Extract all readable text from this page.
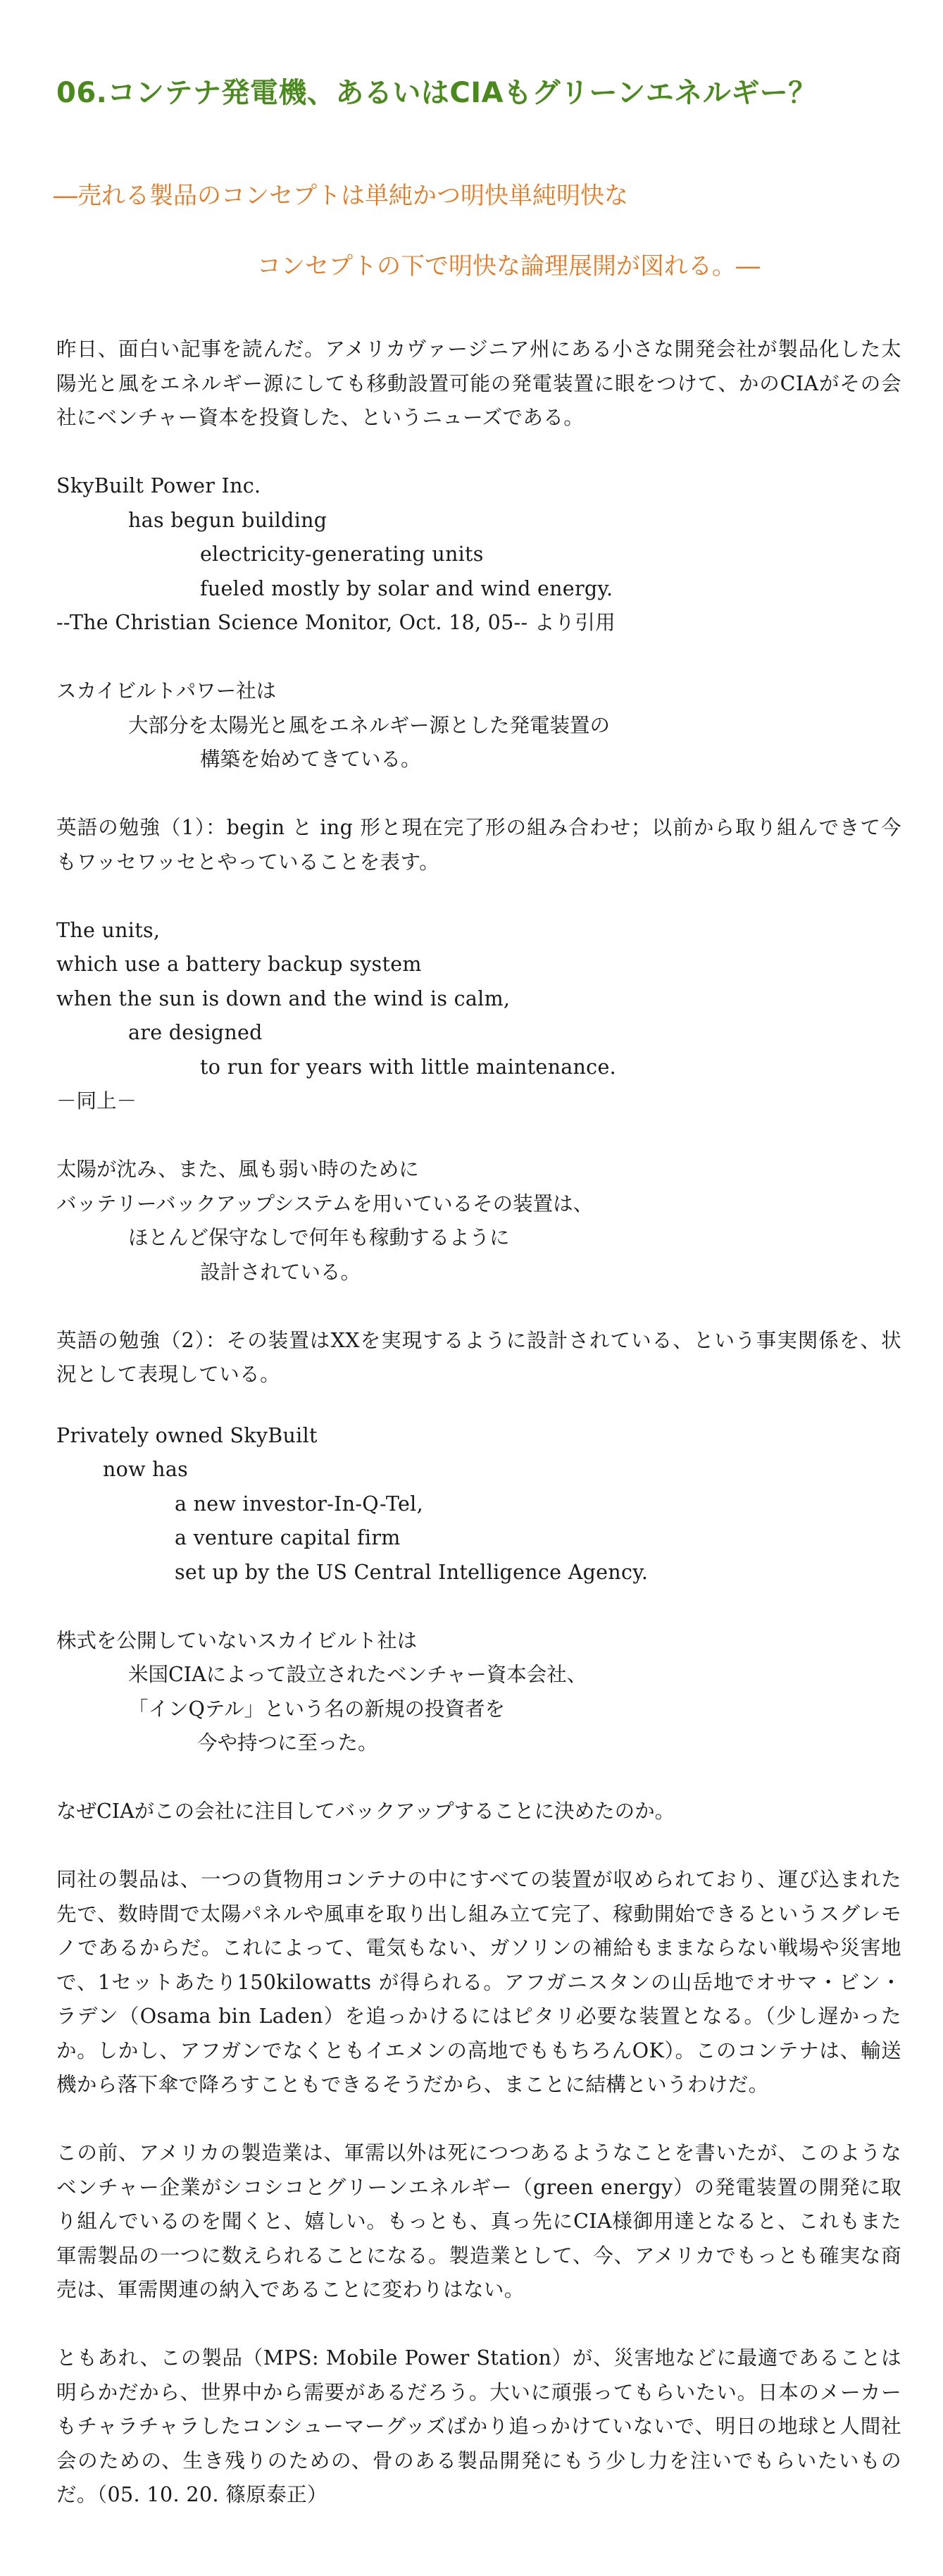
06.コンテナ発電機、あるいはCIAもグリーンエネルギー？
―売れる製品のコンセプトは単純かつ明快単純明快な
コンセプトの下で明快な論理展開が図れる。―

昨日、面白い記事を読んだ。アメリカヴァージニア州にある小さな開発会社が製品化した太陽光と風をエネルギー源にしても移動設置可能の発電装置に眼をつけて、かのCIAがその会社にベンチャー資本を投資した、というニューズである。

SkyBuilt Power Inc.

has begun building

electricity-generating units

fueled mostly by solar and wind energy.

--The Christian Science Monitor, Oct. 18, 05-- より引用

スカイビルトパワー社は

大部分を太陽光と風をエネルギー源とした発電装置の

構築を始めてきている。

英語の勉強（1）：begin と ing 形と現在完了形の組み合わせ；以前から取り組んできて今もワッセワッセとやっていることを表す。

The units,

which use a battery backup system

when the sun is down and the wind is calm,

are designed

to run for years with little maintenance.

－同上－

太陽が沈み、また、風も弱い時のために

バッテリーバックアップシステムを用いているその装置は、

ほとんど保守なしで何年も稼動するように

設計されている。

英語の勉強（2）：その装置はXXを実現するように設計されている、という事実関係を、状況として表現している。

Privately owned SkyBuilt

now has

a new investor-In-Q-Tel,

a venture capital firm

set up by the US Central Intelligence Agency.

株式を公開していないスカイビルト社は

米国CIAによって設立されたベンチャー資本会社、

「インQテル」という名の新規の投資者を

今や持つに至った。

なぜCIAがこの会社に注目してバックアップすることに決めたのか。

同社の製品は、一つの貨物用コンテナの中にすべての装置が収められており、運び込まれた先で、数時間で太陽パネルや風車を取り出し組み立て完了、稼動開始できるというスグレモノであるからだ。これによって、電気もない、ガソリンの補給もままならない戦場や災害地で、1セットあたり150kilowatts が得られる。アフガニスタンの山岳地でオサマ・ビン・ラデン（Osama bin Laden）を追っかけるにはピタリ必要な装置となる。（少し遅かったか。しかし、アフガンでなくともイエメンの高地でももちろんOK）。このコンテナは、輸送機から落下傘で降ろすこともできるそうだから、まことに結構というわけだ。

この前、アメリカの製造業は、軍需以外は死につつあるようなことを書いたが、このようなベンチャー企業がシコシコとグリーンエネルギー（green energy）の発電装置の開発に取り組んでいるのを聞くと、嬉しい。もっとも、真っ先にCIA様御用達となると、これもまた軍需製品の一つに数えられることになる。製造業として、今、アメリカでもっとも確実な商売は、軍需関連の納入であることに変わりはない。

ともあれ、この製品（MPS: Mobile Power Station）が、災害地などに最適であることは明らかだから、世界中から需要があるだろう。大いに頑張ってもらいたい。日本のメーカーもチャラチャラしたコンシューマーグッズばかり追っかけていないで、明日の地球と人間社会のための、生き残りのための、骨のある製品開発にもう少し力を注いでもらいたいものだ。（05. 10. 20. 篠原泰正）
